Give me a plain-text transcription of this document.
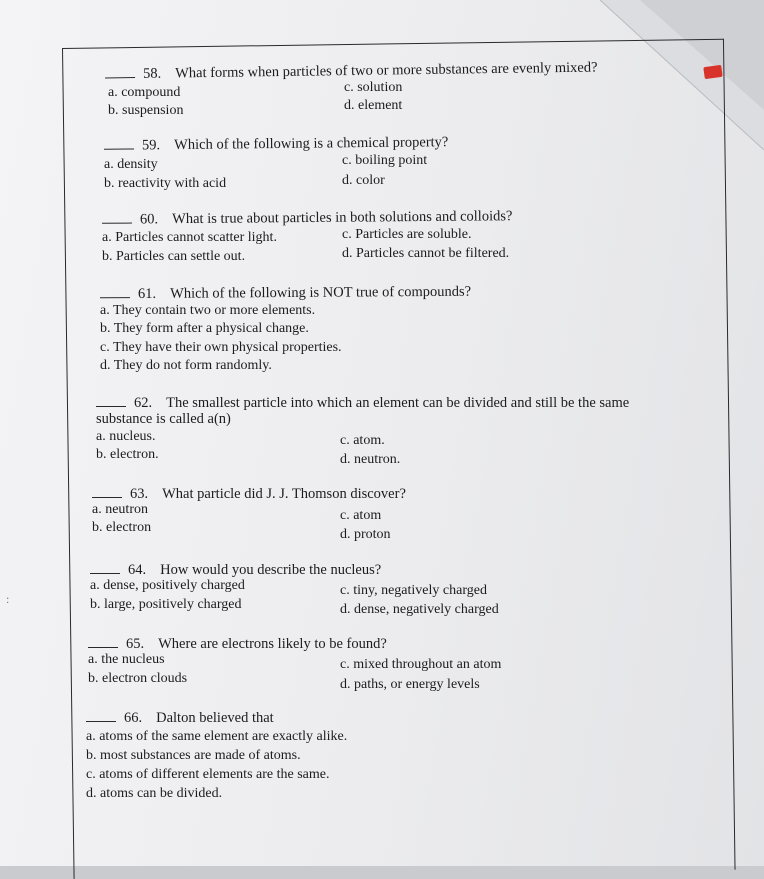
:
58. What forms when particles of two or more substances are evenly mixed?
a. compound
b. suspension
c. solution
d. element
59. Which of the following is a chemical property?
a. density
b. reactivity with acid
c. boiling point
d. color
60. What is true about particles in both solutions and colloids?
a. Particles cannot scatter light.
b. Particles can settle out.
c. Particles are soluble.
d. Particles cannot be filtered.
61. Which of the following is NOT true of compounds?
a. They contain two or more elements.
b. They form after a physical change.
c. They have their own physical properties.
d. They do not form randomly.
62. The smallest particle into which an element can be divided and still be the same
substance is called a(n)
a. nucleus.
b. electron.
c. atom.
d. neutron.
63. What particle did J. J. Thomson discover?
a. neutron
b. electron
c. atom
d. proton
64. How would you describe the nucleus?
a. dense, positively charged
b. large, positively charged
c. tiny, negatively charged
d. dense, negatively charged
65. Where are electrons likely to be found?
a. the nucleus
b. electron clouds
c. mixed throughout an atom
d. paths, or energy levels
66. Dalton believed that
a. atoms of the same element are exactly alike.
b. most substances are made of atoms.
c. atoms of different elements are the same.
d. atoms can be divided.
